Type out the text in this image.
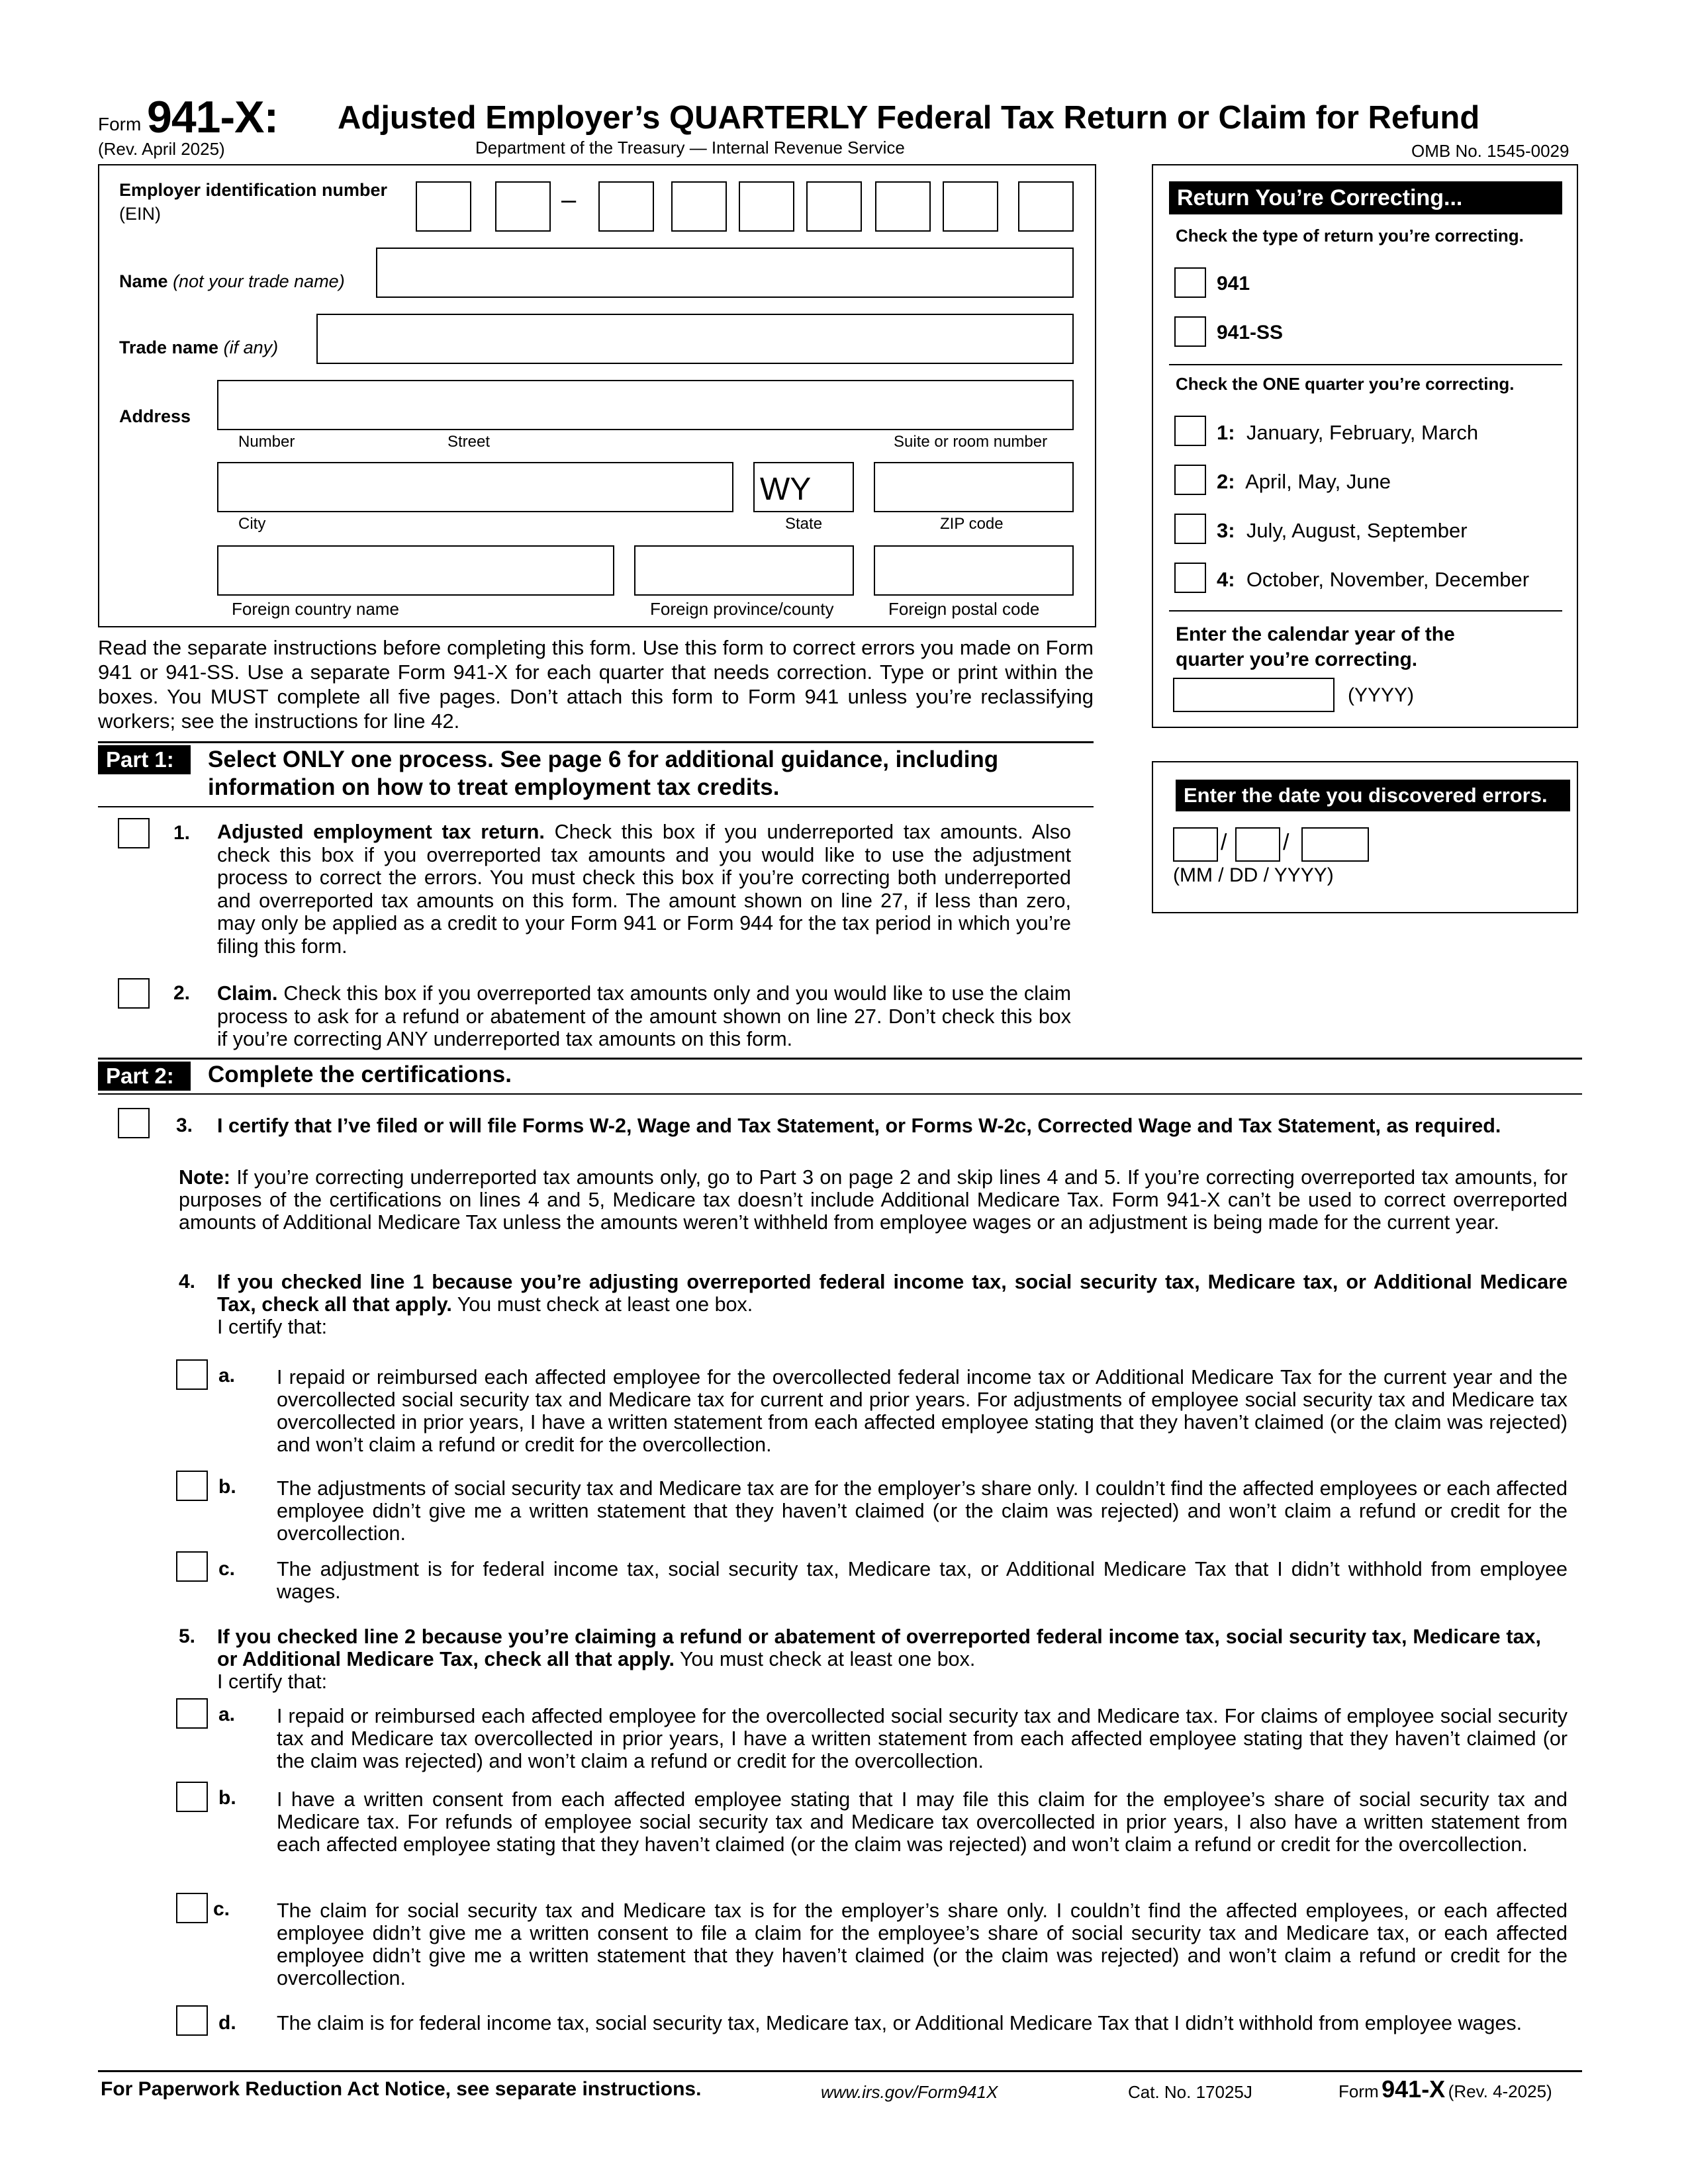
Form 941-X:
(Rev. April 2025)
Adjusted Employer’s QUARTERLY Federal Tax Return or Claim for Refund
Department of the Treasury — Internal Revenue Service	OMB No. 1545-0029
Employer identification number
(EIN)	–
Name (not your trade name)
Trade name (if any)
Address
Number	Street	Suite or room number
WY
City	State	ZIP code
Foreign country name	Foreign province/county	Foreign postal code
Return You’re Correcting...
Check the type of return you’re correcting.
941
941-SS
Check the ONE quarter you’re correcting.
1: January, February, March
2: April, May, June
3: July, August, September
4: October, November, December
Enter the calendar year of the
quarter you’re correcting.
(YYYY)
Enter the date you discovered errors.
/ /
(MM / DD / YYYY)
Read the separate instructions before completing this form. Use this form to correct errors you made on Form 941 or 941-SS. Use a separate Form 941-X for each quarter that needs correction. Type or print within the boxes. You MUST complete all five pages. Don’t attach this form to Form 941 unless you’re reclassifying workers; see the instructions for line 42.
Part 1:	Select ONLY one process. See page 6 for additional guidance, including
information on how to treat employment tax credits.
1. Adjusted employment tax return. Check this box if you underreported tax amounts. Also check this box if you overreported tax amounts and you would like to use the adjustment process to correct the errors. You must check this box if you’re correcting both underreported and overreported tax amounts on this form. The amount shown on line 27, if less than zero, may only be applied as a credit to your Form 941 or Form 944 for the tax period in which you’re filing this form.
2. Claim. Check this box if you overreported tax amounts only and you would like to use the claim process to ask for a refund or abatement of the amount shown on line 27. Don’t check this box if you’re correcting ANY underreported tax amounts on this form.
Part 2:	Complete the certifications.
3. I certify that I’ve filed or will file Forms W-2, Wage and Tax Statement, or Forms W-2c, Corrected Wage and Tax Statement, as required.
Note: If you’re correcting underreported tax amounts only, go to Part 3 on page 2 and skip lines 4 and 5. If you’re correcting overreported tax amounts, for purposes of the certifications on lines 4 and 5, Medicare tax doesn’t include Additional Medicare Tax. Form 941-X can’t be used to correct overreported amounts of Additional Medicare Tax unless the amounts weren’t withheld from employee wages or an adjustment is being made for the current year.
4. If you checked line 1 because you’re adjusting overreported federal income tax, social security tax, Medicare tax, or Additional Medicare Tax, check all that apply. You must check at least one box.
I certify that:
a. I repaid or reimbursed each affected employee for the overcollected federal income tax or Additional Medicare Tax for the current year and the overcollected social security tax and Medicare tax for current and prior years. For adjustments of employee social security tax and Medicare tax overcollected in prior years, I have a written statement from each affected employee stating that they haven’t claimed (or the claim was rejected) and won’t claim a refund or credit for the overcollection.
b. The adjustments of social security tax and Medicare tax are for the employer’s share only. I couldn’t find the affected employees or each affected employee didn’t give me a written statement that they haven’t claimed (or the claim was rejected) and won’t claim a refund or credit for the overcollection.
c. The adjustment is for federal income tax, social security tax, Medicare tax, or Additional Medicare Tax that I didn’t withhold from employee wages.
5. If you checked line 2 because you’re claiming a refund or abatement of overreported federal income tax, social security tax, Medicare tax, or Additional Medicare Tax, check all that apply. You must check at least one box.
I certify that:
a. I repaid or reimbursed each affected employee for the overcollected social security tax and Medicare tax. For claims of employee social security tax and Medicare tax overcollected in prior years, I have a written statement from each affected employee stating that they haven’t claimed (or the claim was rejected) and won’t claim a refund or credit for the overcollection.
b. I have a written consent from each affected employee stating that I may file this claim for the employee’s share of social security tax and Medicare tax. For refunds of employee social security tax and Medicare tax overcollected in prior years, I also have a written statement from each affected employee stating that they haven’t claimed (or the claim was rejected) and won’t claim a refund or credit for the overcollection.
c. The claim for social security tax and Medicare tax is for the employer’s share only. I couldn’t find the affected employees, or each affected employee didn’t give me a written consent to file a claim for the employee’s share of social security tax and Medicare tax, or each affected employee didn’t give me a written statement that they haven’t claimed (or the claim was rejected) and won’t claim a refund or credit for the overcollection.
d. The claim is for federal income tax, social security tax, Medicare tax, or Additional Medicare Tax that I didn’t withhold from employee wages.
For Paperwork Reduction Act Notice, see separate instructions.	www.irs.gov/Form941X	Cat. No. 17025J	Form 941-X (Rev. 4-2025)
